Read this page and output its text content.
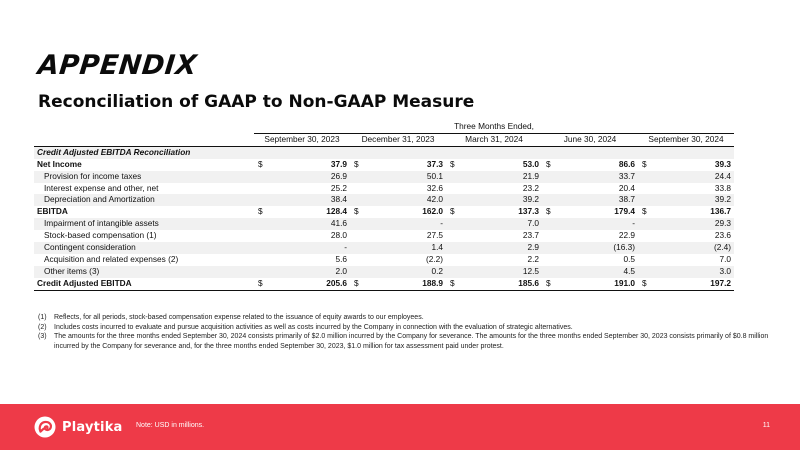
APPENDIX
Reconciliation of GAAP to Non-GAAP Measure
	Three Months Ended,				
	September 30, 2023	December 31, 2023	March 31, 2024	June 30, 2024	September 30, 2024
Credit Adjusted EBITDA Reconciliation					
Net Income	$ 37.9	$ 37.3	$ 53.0	$ 86.6	$ 39.3
Provision for income taxes	26.9	50.1	21.9	33.7	24.4
Interest expense and other, net	25.2	32.6	23.2	20.4	33.8
Depreciation and Amortization	38.4	42.0	39.2	38.7	39.2
EBITDA	$ 128.4	$ 162.0	$ 137.3	$ 179.4	$ 136.7
Impairment of intangible assets	41.6	-	7.0	-	29.3
Stock-based compensation (1)	28.0	27.5	23.7	22.9	23.6
Contingent consideration	-	1.4	2.9	(16.3)	(2.4)
Acquisition and related expenses (2)	5.6	(2.2)	2.2	0.5	7.0
Other items (3)	2.0	0.2	12.5	4.5	3.0
Credit Adjusted EBITDA	$ 205.6	$ 188.9	$ 185.6	$ 191.0	$ 197.2
(1)	Reflects, for all periods, stock-based compensation expense related to the issuance of equity awards to our employees.
(2)	Includes costs incurred to evaluate and pursue acquisition activities as well as costs incurred by the Company in connection with the evaluation of strategic alternatives.
(3)	The amounts for the three months ended September 30, 2024 consists primarily of $2.0 million incurred by the Company for severance. The amounts for the three months ended September 30, 2023 consists primarily of $0.8 million incurred by the Company for severance and, for the three months ended September 30, 2023, $1.0 million for tax assessment paid under protest.
Playtika Note: USD in millions.	11
